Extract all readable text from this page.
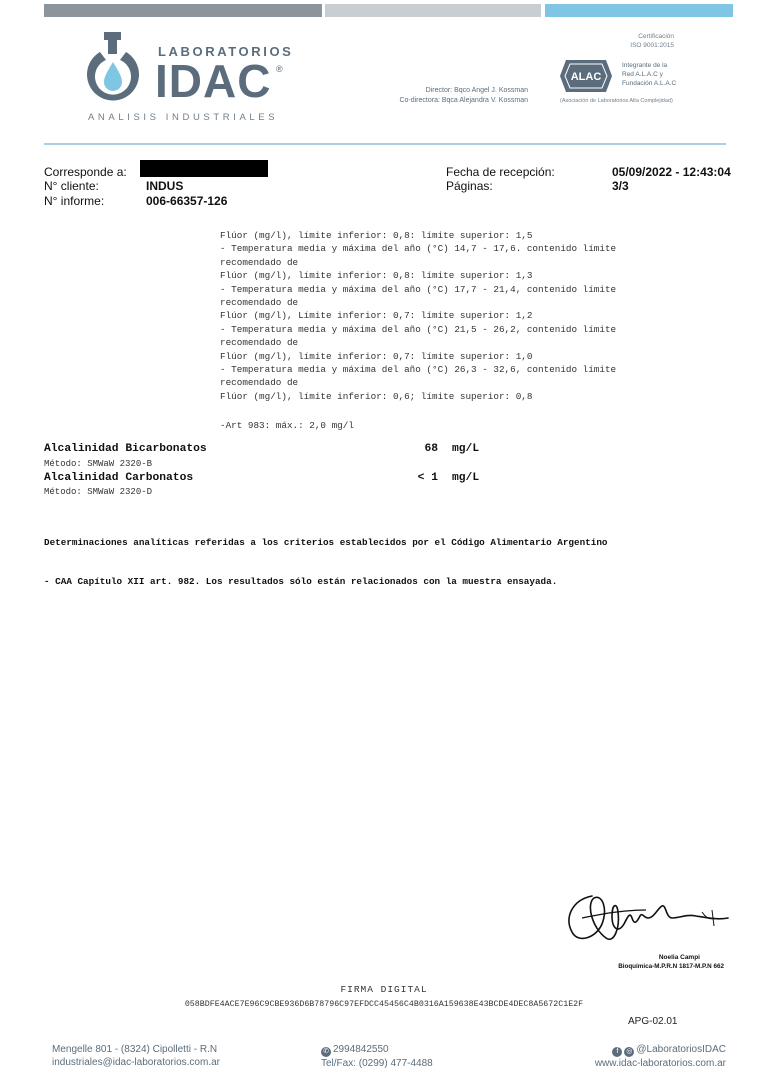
LABORATORIOS
IDAC ®
ANALISIS INDUSTRIALES
Director: Bqco Angel J. Kossman
Co-directora: Bqca Alejandra V. Kossman
Certificación
ISO 9001:2015
ALAC
Integrante de la
Red A.L.A.C y
Fundación A.L.A.C
(Asociación de Laboratorios Alta Complejidad)
Corresponde a:
N° cliente:	INDUS
N° informe:	006-66357-126
Fecha de recepción:	05/09/2022 - 12:43:04
Páginas:	3/3
Flúor (mg/l), límite inferior: 0,8: límite superior: 1,5
- Temperatura media y máxima del año (°C) 14,7 - 17,6. contenido límite
recomendado de
Flúor (mg/l), límite inferior: 0,8: límite superior: 1,3
- Temperatura media y máxima del año (°C) 17,7 - 21,4, contenido límite
recomendado de
Flúor (mg/l), Límite inferior: 0,7: límite superior: 1,2
- Temperatura media y máxima del año (°C) 21,5 - 26,2, contenido límite
recomendado de
Flúor (mg/l), límite inferior: 0,7: límite superior: 1,0
- Temperatura media y máxima del año (°C) 26,3 - 32,6, contenido límite
recomendado de
Flúor (mg/l), límite inferior: 0,6; límite superior: 0,8
-Art 983: máx.: 2,0 mg/l
Alcalinidad Bicarbonatos	68 mg/L
Método: SMWaW 2320-B
Alcalinidad Carbonatos	< 1 mg/L
Método: SMWaW 2320-D

Determinaciones analíticas referidas a los criterios establecidos por el Código Alimentario Argentino

- CAA Capítulo XII art. 982. Los resultados sólo están relacionados con la muestra ensayada.

Noelia Campi
Bioquímica-M.P.R.N 1817-M.P.N 662
FIRMA DIGITAL
058BDFE4ACE7E96C9CBE936D6B78796C97EFDCC45456C4B0316A159638E43BCDE4DEC8A5672C1E2F
APG-02.01
Mengelle 801 - (8324) Cipolletti - R.N
industriales@idac-laboratorios.com.ar
✆ 2994842550
Tel/Fax: (0299) 477-4488
f ◎ @LaboratoriosIDAC
www.idac-laboratorios.com.ar
